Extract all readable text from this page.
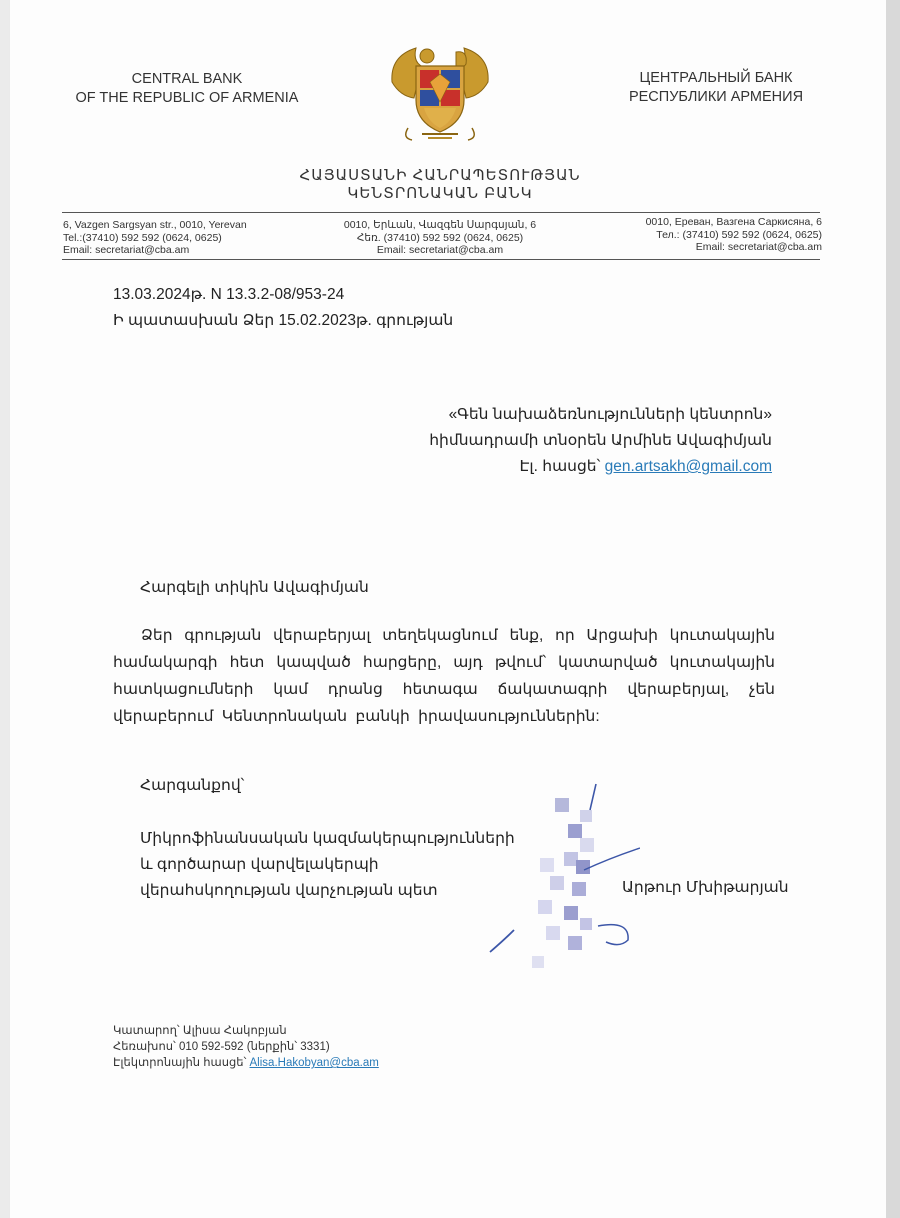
CENTRAL BANK
OF THE REPUBLIC OF ARMENIA
ЦЕНТРАЛЬНЫЙ БАНК
РЕСПУБЛИКИ АРМЕНИЯ
ՀԱՅԱՍՏԱՆԻ ՀԱՆՐԱՊԵՏՈՒԹՅԱՆ
ԿԵՆՏՐՈՆԱԿԱՆ ԲԱՆԿ
6, Vazgen Sargsyan str., 0010, Yerevan
Tel.:(37410) 592 592 (0624, 0625)
Email: secretariat@cba.am
0010, Երևան, Վազգեն Սարգսյան, 6
Հեռ. (37410) 592 592 (0624, 0625)
Email: secretariat@cba.am
0010, Ереван, Вазгена Саркисяна, 6
Тел.: (37410) 592 592 (0624, 0625)
Email: secretariat@cba.am
13.03.2024թ. N 13.3.2-08/953-24
Ի պատասխան Ձեր 15.02.2023թ. գրության
«Գեն նախաձեռնությունների կենտրոն»
հիմնադրամի տնօրեն Արմինե Ավագիմյան
Էլ. հասցե՝ gen.artsakh@gmail.com
Հարգելի տիկին Ավագիմյան
Ձեր գրության վերաբերյալ տեղեկացնում ենք, որ Արցախի կուտակային համակարգի հետ կապված հարցերը, այդ թվում՝ կատարված կուտակային հատկացումների կամ դրանց հետագա ճակատագրի վերաբերյալ, չեն վերաբերում Կենտրոնական բանկի իրավասություններին:
Հարգանքով՝
Միկրոֆինանսական կազմակերպությունների
և գործարար վարվելակերպի
վերահսկողության վարչության պետ	Արթուր Մխիթարյան
Կատարող՝ Ալիսա Հակոբյան
Հեռախոս՝ 010 592-592 (ներքին՝ 3331)
Էլեկտրոնային հասցե՝ Alisa.Hakobyan@cba.am
